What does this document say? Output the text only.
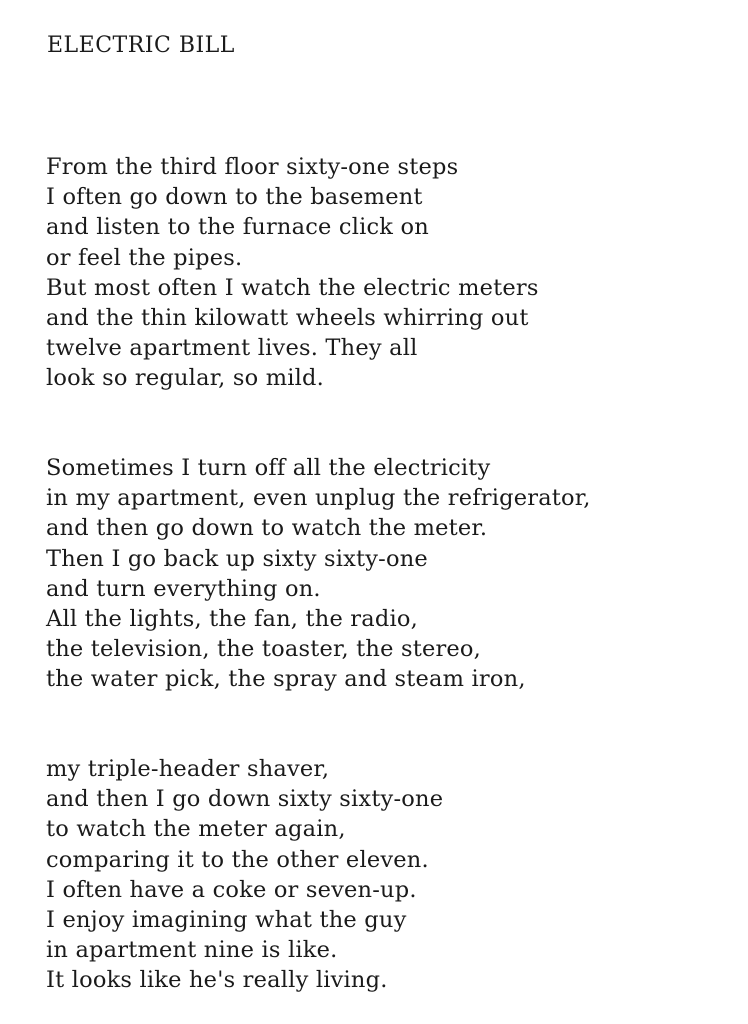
ELECTRIC BILL
From the third floor sixty-one steps
I often go down to the basement
and listen to the furnace click on
or feel the pipes.
But most often I watch the electric meters
and the thin kilowatt wheels whirring out
twelve apartment lives. They all
look so regular, so mild.
Sometimes I turn off all the electricity
in my apartment, even unplug the refrigerator,
and then go down to watch the meter.
Then I go back up sixty sixty-one
and turn everything on.
All the lights, the fan, the radio,
the television, the toaster, the stereo,
the water pick, the spray and steam iron,
my triple-header shaver,
and then I go down sixty sixty-one
to watch the meter again,
comparing it to the other eleven.
I often have a coke or seven-up.
I enjoy imagining what the guy
in apartment nine is like.
It looks like he's really living.
